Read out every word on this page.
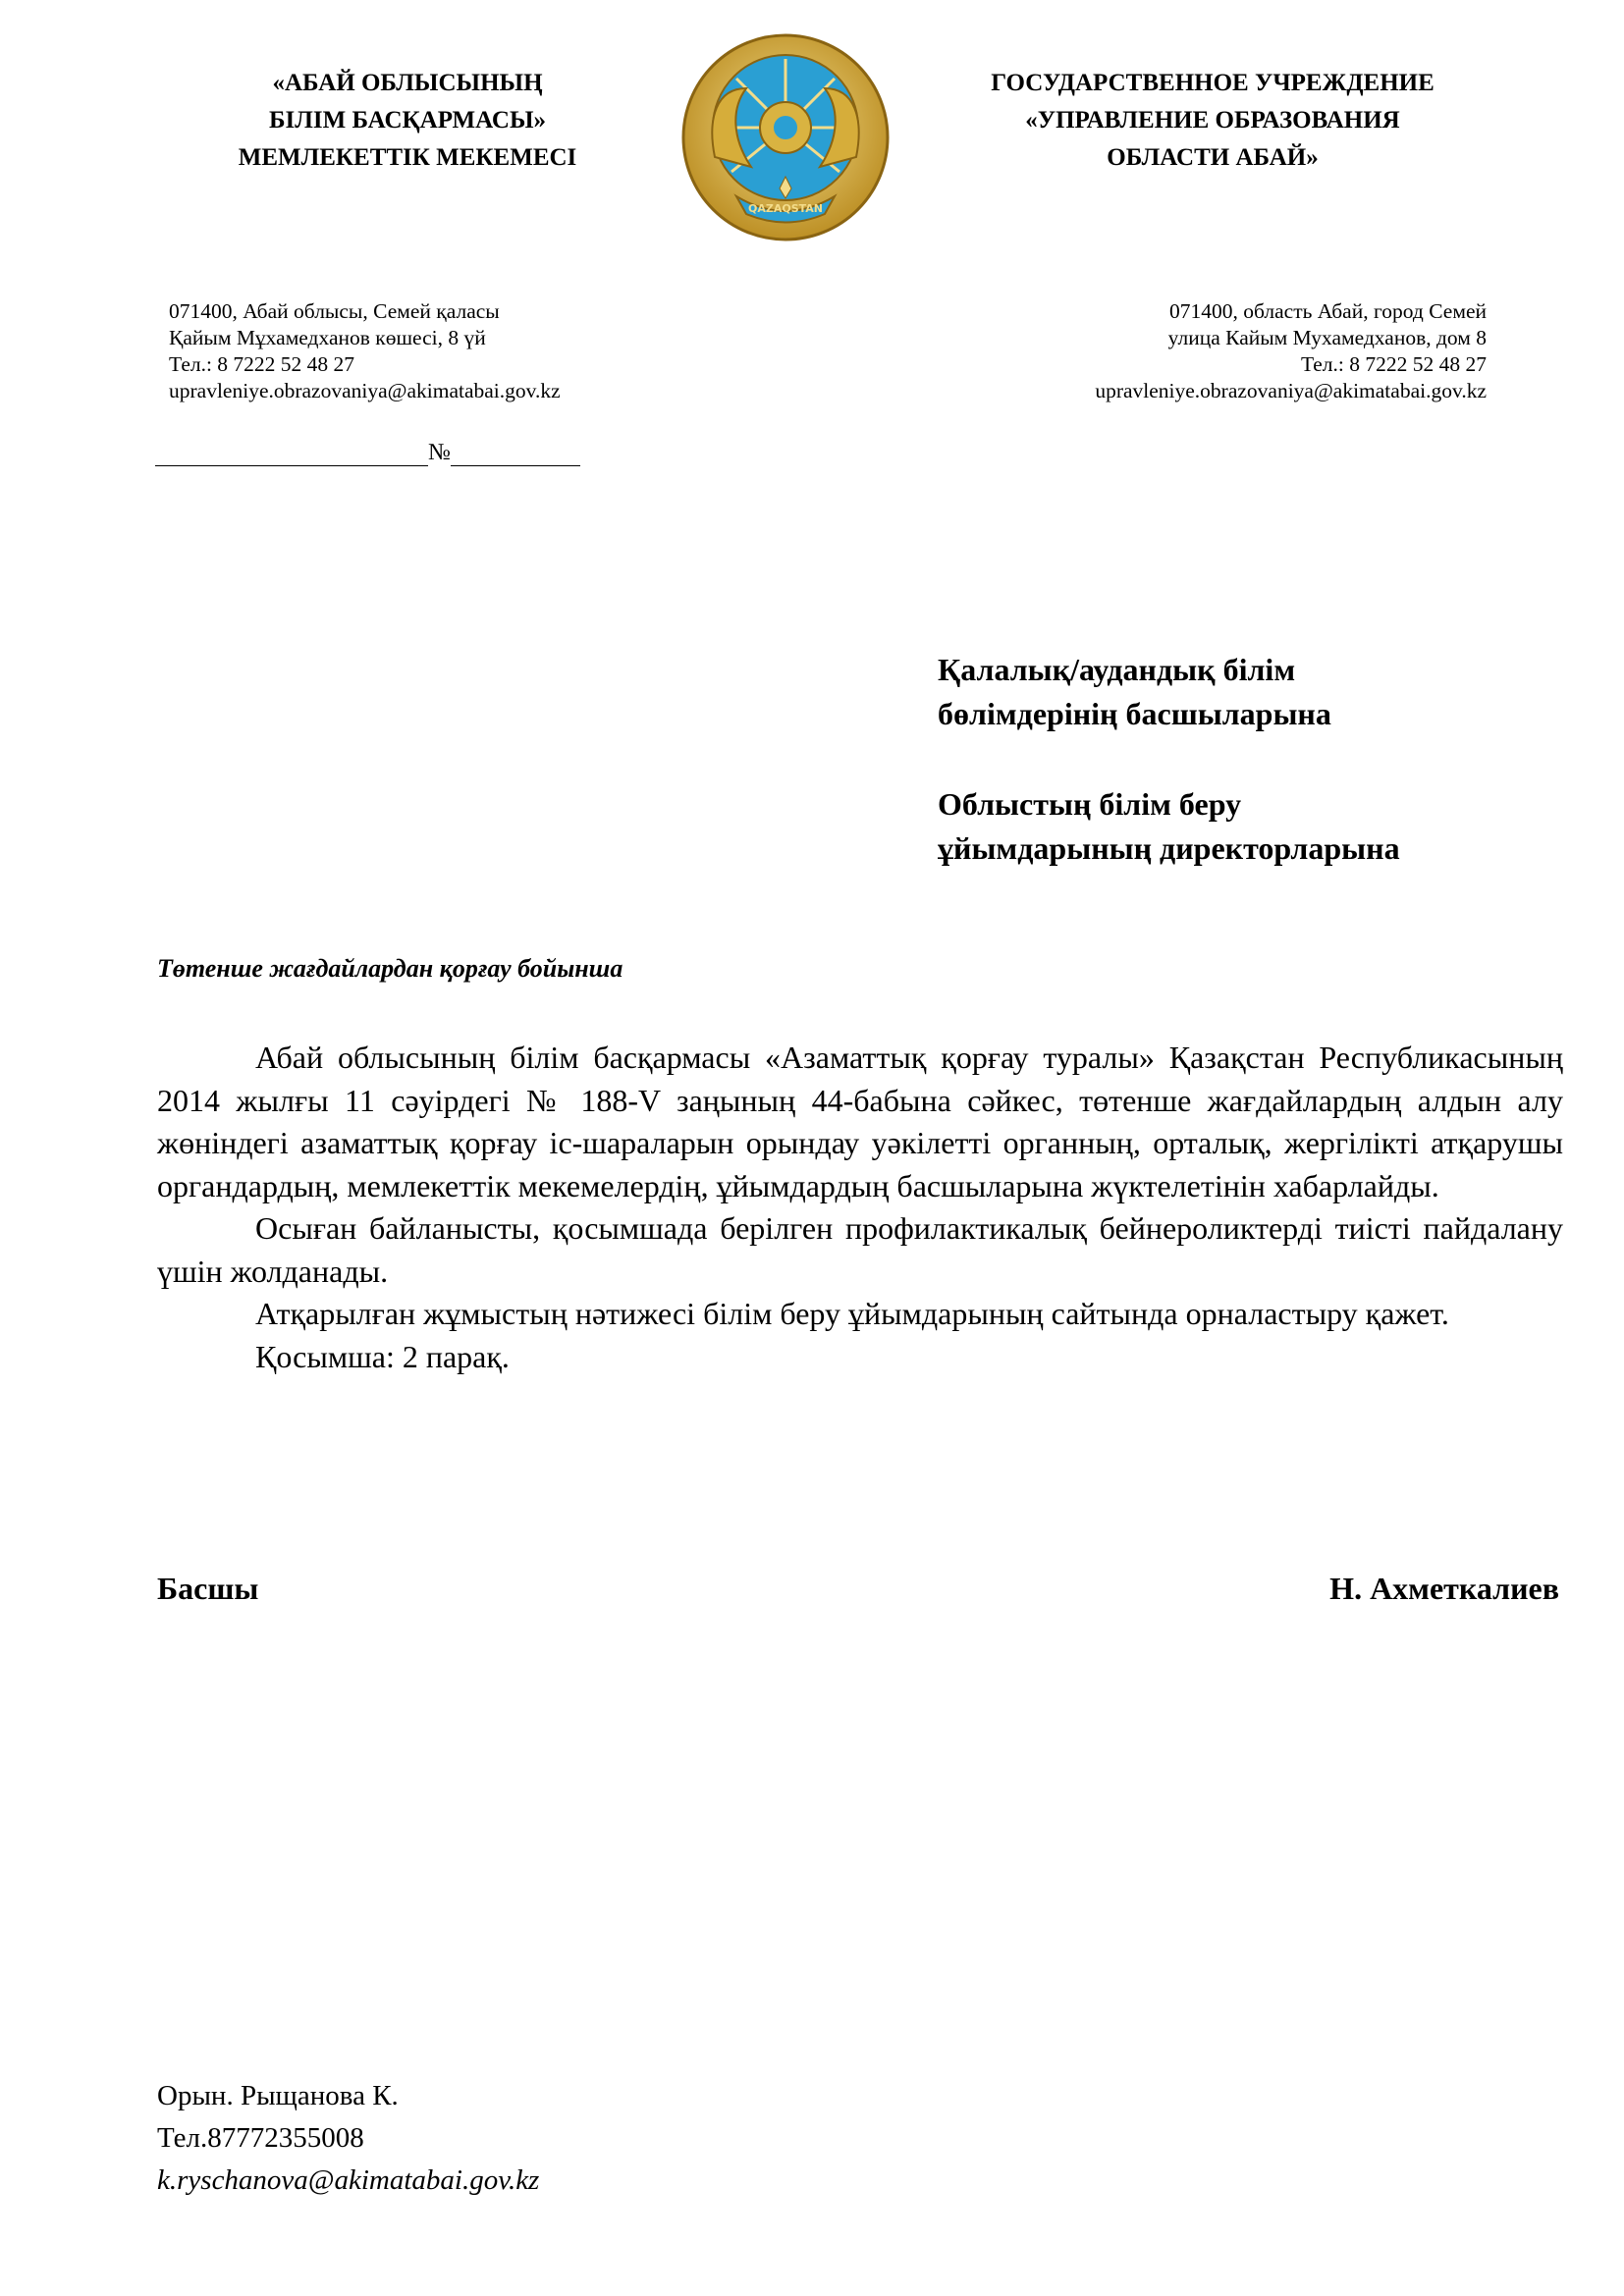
«АБАЙ ОБЛЫСЫНЫҢ
БІЛІМ БАСҚАРМАСЫ»
МЕМЛЕКЕТТІК МЕКЕМЕСІ
QAZAQSTAN
ГОСУДАРСТВЕННОЕ УЧРЕЖДЕНИЕ
«УПРАВЛЕНИЕ ОБРАЗОВАНИЯ
ОБЛАСТИ АБАЙ»
071400, Абай облысы, Семей қаласы
Қайым Мұхамедханов көшесі, 8 үй
Тел.: 8 7222 52 48 27
upravleniye.obrazovaniya@akimatabai.gov.kz
071400, область Абай, город Семей
улица Кайым Мухамедханов, дом 8
Тел.: 8 7222 52 48 27
upravleniye.obrazovaniya@akimatabai.gov.kz
№
Қалалық/аудандық білім
бөлімдерінің басшыларына
Облыстың білім беру
ұйымдарының директорларына
Төтенше жағдайлардан қорғау бойынша

Абай облысының білім басқармасы «Азаматтық қорғау туралы» Қазақстан Республикасының 2014 жылғы 11 сәуірдегі № 188-V заңының 44-бабына сәйкес, төтенше жағдайлардың алдын алу жөніндегі азаматтық қорғау іс-шараларын орындау уәкілетті органның, орталық, жергілікті атқарушы органдардың, мемлекеттік мекемелердің, ұйымдардың басшыларына жүктелетінін хабарлайды.

Осыған байланысты, қосымшада берілген профилактикалық бейнероликтерді тиісті пайдалану үшін жолданады.

Атқарылған жұмыстың нәтижесі білім беру ұйымдарының сайтында орналастыру қажет.

Қосымша: 2 парақ.

Басшы	Н. Ахметкалиев
Орын. Рыщанова К.
Тел.87772355008
k.ryschanova@akimatabai.gov.kz
